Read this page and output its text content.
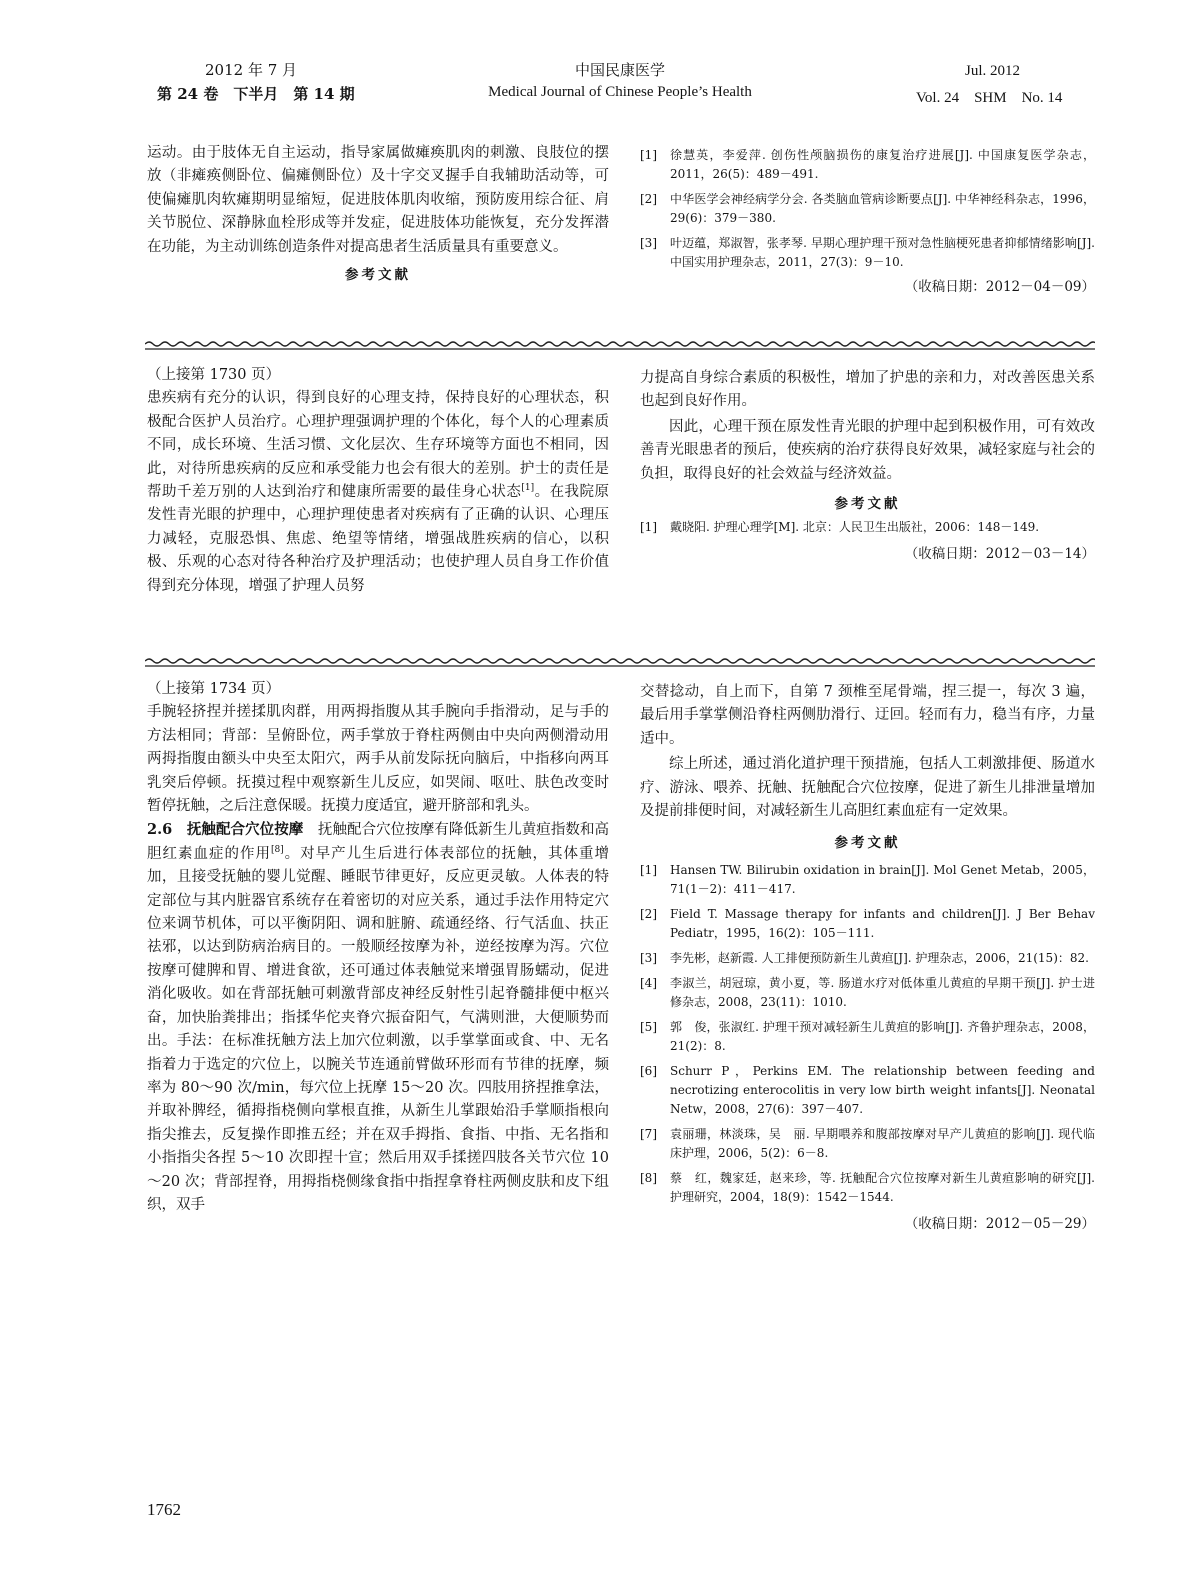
2012 年 7 月
第 24 卷　下半月　第 14 期
中国民康医学
Medical Journal of Chinese People’s Health
Jul. 2012
Vol. 24　SHM　No. 14

运动。由于肢体无自主运动，指导家属做瘫痪肌肉的刺激、良肢位的摆放（非瘫痪侧卧位、偏瘫侧卧位）及十字交叉握手自我辅助活动等，可使偏瘫肌肉软瘫期明显缩短，促进肢体肌肉收缩，预防废用综合征、肩关节脱位、深静脉血栓形成等并发症，促进肢体功能恢复，充分发挥潜在功能，为主动训练创造条件对提高患者生活质量具有重要意义。

参考文献
[1]	徐慧英，李爱萍. 创伤性颅脑损伤的康复治疗进展[J]. 中国康复医学杂志，2011，26(5)：489－491.
[2]	中华医学会神经病学分会. 各类脑血管病诊断要点[J]. 中华神经科杂志，1996，29(6)：379－380.
[3]	叶迈蕴，郑淑智，张孝琴. 早期心理护理干预对急性脑梗死患者抑郁情绪影响[J]. 中国实用护理杂志，2011，27(3)：9－10.
（收稿日期：2012－04－09）

（上接第 1730 页）

患疾病有充分的认识，得到良好的心理支持，保持良好的心理状态，积极配合医护人员治疗。心理护理强调护理的个体化，每个人的心理素质不同，成长环境、生活习惯、文化层次、生存环境等方面也不相同，因此，对待所患疾病的反应和承受能力也会有很大的差别。护士的责任是帮助千差万别的人达到治疗和健康所需要的最佳身心状态[1]。在我院原发性青光眼的护理中，心理护理使患者对疾病有了正确的认识、心理压力减轻，克服恐惧、焦虑、绝望等情绪，增强战胜疾病的信心，以积极、乐观的心态对待各种治疗及护理活动；也使护理人员自身工作价值得到充分体现，增强了护理人员努

力提高自身综合素质的积极性，增加了护患的亲和力，对改善医患关系也起到良好作用。

因此，心理干预在原发性青光眼的护理中起到积极作用，可有效改善青光眼患者的预后，使疾病的治疗获得良好效果，减轻家庭与社会的负担，取得良好的社会效益与经济效益。

参考文献
[1]	戴晓阳. 护理心理学[M]. 北京：人民卫生出版社，2006：148－149.
（收稿日期：2012－03－14）

（上接第 1734 页）

手腕轻挤捏并搓揉肌肉群，用两拇指腹从其手腕向手指滑动，足与手的方法相同；背部：呈俯卧位，两手掌放于脊柱两侧由中央向两侧滑动用两拇指腹由额头中央至太阳穴，两手从前发际抚向脑后，中指移向两耳乳突后停顿。抚摸过程中观察新生儿反应，如哭闹、呕吐、肤色改变时暂停抚触，之后注意保暖。抚摸力度适宜，避开脐部和乳头。

2.6　抚触配合穴位按摩　抚触配合穴位按摩有降低新生儿黄疸指数和高胆红素血症的作用[8]。对早产儿生后进行体表部位的抚触，其体重增加，且接受抚触的婴儿觉醒、睡眠节律更好，反应更灵敏。人体表的特定部位与其内脏器官系统存在着密切的对应关系，通过手法作用特定穴位来调节机体，可以平衡阴阳、调和脏腑、疏通经络、行气活血、扶正祛邪，以达到防病治病目的。一般顺经按摩为补，逆经按摩为泻。穴位按摩可健脾和胃、增进食欲，还可通过体表触觉来增强胃肠蠕动，促进消化吸收。如在背部抚触可刺激背部皮神经反射性引起脊髓排便中枢兴奋，加快胎粪排出；指揉华佗夹脊穴振奋阳气，气满则泄，大便顺势而出。手法：在标准抚触方法上加穴位刺激，以手掌掌面或食、中、无名指着力于选定的穴位上，以腕关节连通前臂做环形而有节律的抚摩，频率为 80～90 次/min，每穴位上抚摩 15～20 次。四肢用挤捏推拿法，并取补脾经，循拇指桡侧向掌根直推，从新生儿掌跟始沿手掌顺指根向指尖推去，反复操作即推五经；并在双手拇指、食指、中指、无名指和小指指尖各捏 5～10 次即捏十宣；然后用双手揉搓四肢各关节穴位 10～20 次；背部捏脊，用拇指桡侧缘食指中指捏拿脊柱两侧皮肤和皮下组织，双手

交替捻动，自上而下，自第 7 颈椎至尾骨端，捏三提一，每次 3 遍，最后用手掌掌侧沿脊柱两侧肋滑行、迂回。轻而有力，稳当有序，力量适中。

综上所述，通过消化道护理干预措施，包括人工刺激排便、肠道水疗、游泳、喂养、抚触、抚触配合穴位按摩，促进了新生儿排泄量增加及提前排便时间，对减轻新生儿高胆红素血症有一定效果。

参考文献
[1]	Hansen TW. Bilirubin oxidation in brain[J]. Mol Genet Metab，2005，71(1－2)：411－417.
[2]	Field T. Massage therapy for infants and children[J]. J Ber Behav Pediatr，1995，16(2)：105－111.
[3]	李先彬，赵新霞. 人工排便预防新生儿黄疸[J]. 护理杂志，2006，21(15)：82.
[4]	李淑兰，胡冠琼，黄小夏，等. 肠道水疗对低体重儿黄疸的早期干预[J]. 护士进修杂志，2008，23(11)：1010.
[5]	郭　俊，张淑红. 护理干预对减轻新生儿黄疸的影响[J]. 齐鲁护理杂志，2008，21(2)：8.
[6]	Schurr P，Perkins EM. The relationship between feeding and necrotizing enterocolitis in very low birth weight infants[J]. Neonatal Netw，2008，27(6)：397－407.
[7]	袁丽珊，林淡珠，吴　丽. 早期喂养和腹部按摩对早产儿黄疸的影响[J]. 现代临床护理，2006，5(2)：6－8.
[8]	蔡　红，魏家廷，赵来珍，等. 抚触配合穴位按摩对新生儿黄疸影响的研究[J]. 护理研究，2004，18(9)：1542－1544.
（收稿日期：2012－05－29）
1762
